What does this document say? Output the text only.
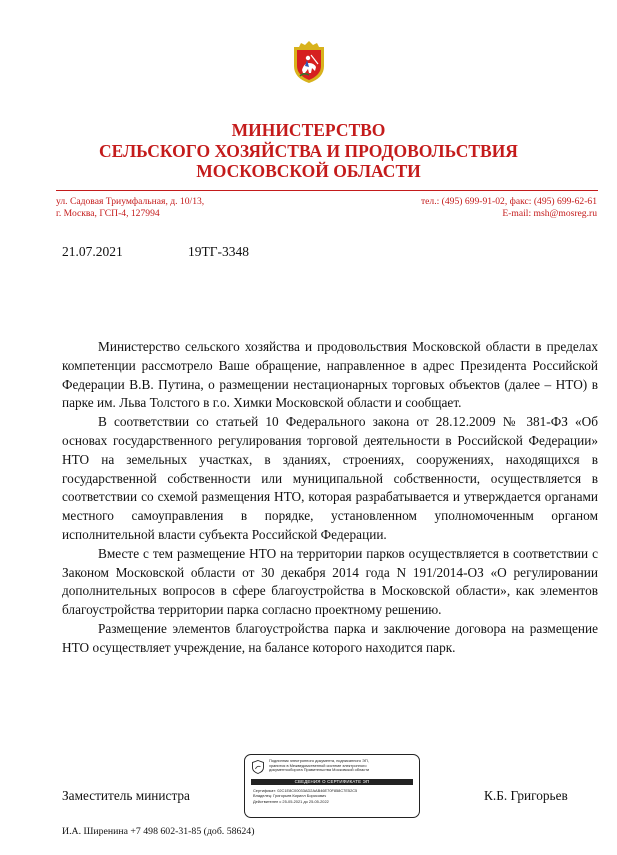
МИНИСТЕРСТВО
СЕЛЬСКОГО ХОЗЯЙСТВА И ПРОДОВОЛЬСТВИЯ
МОСКОВСКОЙ ОБЛАСТИ
ул. Садовая Триумфальная, д. 10/13,
г. Москва, ГСП-4, 127994
тел.: (495) 699-91-02, факс: (495) 699-62-61
E-mail: msh@mosreg.ru
21.07.2021	19ТГ-3348

Министерство сельского хозяйства и продовольствия Московской области в пределах компетенции рассмотрело Ваше обращение, направленное в адрес Президента Российской Федерации В.В. Путина, о размещении нестационарных торговых объектов (далее – НТО) в парке им. Льва Толстого в г.о. Химки Московской области и сообщает.

В соответствии со статьей 10 Федерального закона от 28.12.2009 № 381-ФЗ «Об основах государственного регулирования торговой деятельности в Российской Федерации» НТО на земельных участках, в зданиях, строениях, сооружениях, находящихся в государственной собственности или муниципальной собственности, осуществляется в соответствии со схемой размещения НТО, которая разрабатывается и утверждается органами местного самоуправления в порядке, установленном уполномоченным органом исполнительной власти субъекта Российской Федерации.

Вместе с тем размещение НТО на территории парков осуществляется в соответствии с Законом Московской области от 30 декабря 2014 года N 191/2014-ОЗ «О регулировании дополнительных вопросов в сфере благоустройства в Московской области», как элементов благоустройства территории парка согласно проектному решению.

Размещение элементов благоустройства парка и заключение договора на размещение НТО осуществляет учреждение, на балансе которого находится парк.

Заместитель министра
Подлинник электронного документа, подписанного ЭП,
хранится в Межведомственной системе электронного
документооборота Правительства Московской области
СВЕДЕНИЯ О СЕРТИФИКАТЕ ЭП
Сертификат: 02C1E8C00033AD2AAB46E70F858C7E52C5
Владелец: Григорьев Кирилл Борисович
Действителен с 25-05-2021 до 25-05-2022	К.Б. Григорьев
И.А. Ширенина +7 498 602-31-85 (доб. 58624)
